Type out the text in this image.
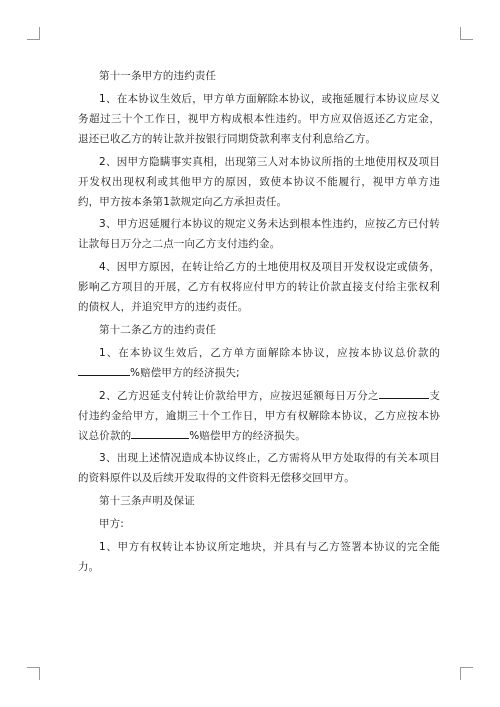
第十一条甲方的违约责任

1、在本协议生效后，甲方单方面解除本协议，或拖延履行本协议应尽义务超过三十个工作日，视甲方构成根本性违约。甲方应双倍返还乙方定金，退还已收乙方的转让款并按银行同期贷款利率支付利息给乙方。

2、因甲方隐瞒事实真相，出现第三人对本协议所指的土地使用权及项目开发权出现权利或其他甲方的原因，致使本协议不能履行，视甲方单方违约，甲方按本条第1款规定向乙方承担责任。

3、甲方迟延履行本协议的规定义务未达到根本性违约，应按乙方已付转让款每日万分之二点一向乙方支付违约金。

4、因甲方原因，在转让给乙方的土地使用权及项目开发权设定或债务，影响乙方项目的开展，乙方有权将应付甲方的转让价款直接支付给主张权利的债权人，并追究甲方的违约责任。

第十二条乙方的违约责任

1、在本协议生效后，乙方单方面解除本协议，应按本协议总价款的%赔偿甲方的经济损失;

2、乙方迟延支付转让价款给甲方，应按迟延额每日万分之	支付违约金给甲方，逾期三十个工作日，甲方有权解除本协议，乙方应按本协议总价款的	%赔偿甲方的经济损失。

3、出现上述情况造成本协议终止，乙方需将从甲方处取得的有关本项目的资料原件以及后续开发取得的文件资料无偿移交回甲方。

第十三条声明及保证

甲方:

1、甲方有权转让本协议所定地块，并具有与乙方签署本协议的完全能力。
